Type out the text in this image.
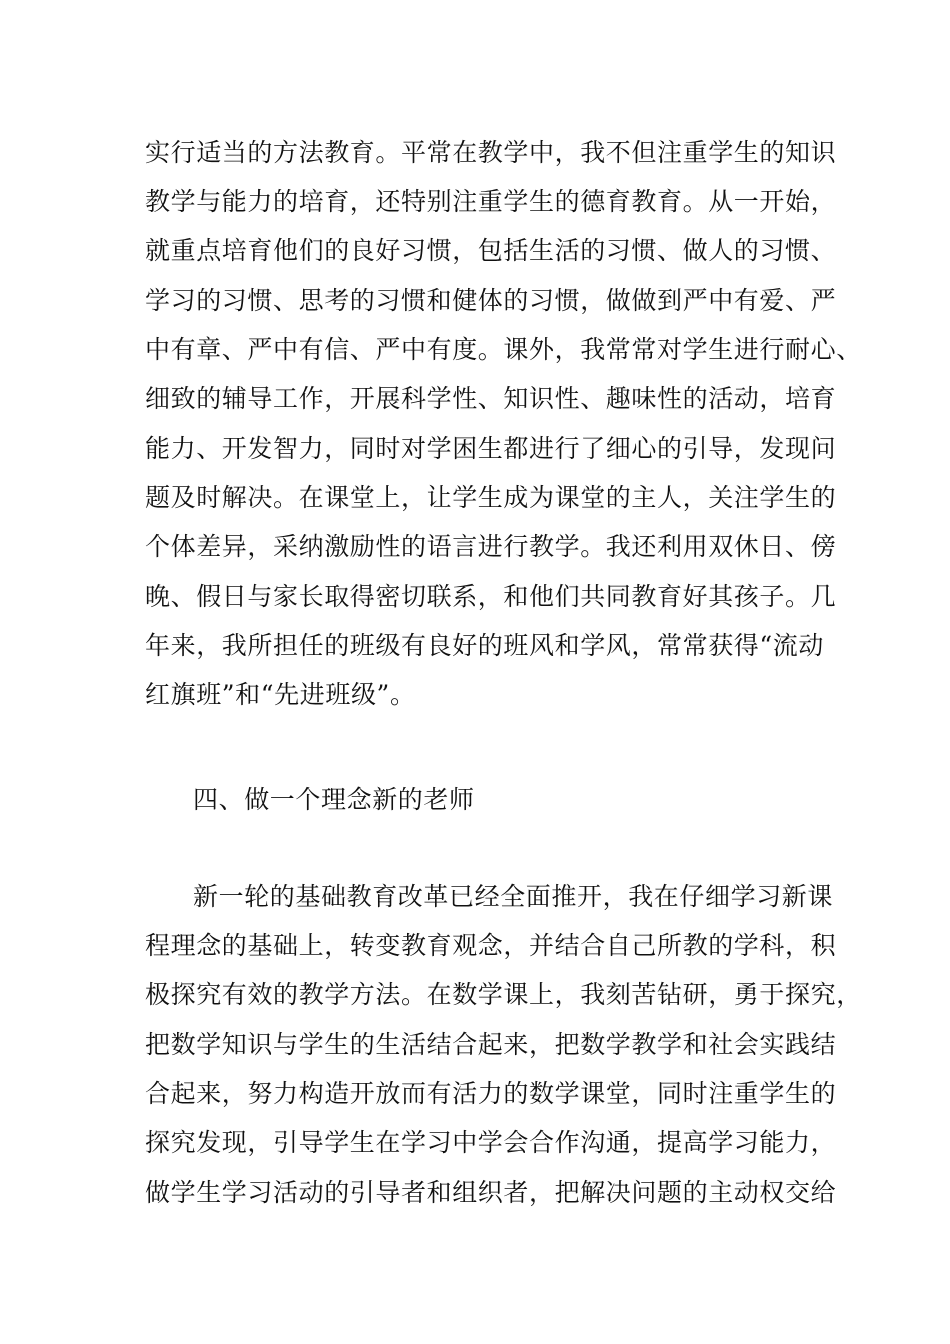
实行适当的方法教育。平常在教学中，我不但注重学生的知识
教学与能力的培育，还特别注重学生的德育教育。从一开始，
就重点培育他们的良好习惯，包括生活的习惯、做人的习惯、
学习的习惯、思考的习惯和健体的习惯，做做到严中有爱、严
中有章、严中有信、严中有度。课外，我常常对学生进行耐心、
细致的辅导工作，开展科学性、知识性、趣味性的活动，培育
能力、开发智力，同时对学困生都进行了细心的引导，发现问
题及时解决。在课堂上，让学生成为课堂的主人，关注学生的
个体差异，采纳激励性的语言进行教学。我还利用双休日、傍
晚、假日与家长取得密切联系，和他们共同教育好其孩子。几
年来，我所担任的班级有良好的班风和学风，常常获得“流动
红旗班”和“先进班级”。
四、做一个理念新的老师
新一轮的基础教育改革已经全面推开，我在仔细学习新课
程理念的基础上，转变教育观念，并结合自己所教的学科，积
极探究有效的教学方法。在数学课上，我刻苦钻研，勇于探究，
把数学知识与学生的生活结合起来，把数学教学和社会实践结
合起来，努力构造开放而有活力的数学课堂，同时注重学生的
探究发现，引导学生在学习中学会合作沟通，提高学习能力，
做学生学习活动的引导者和组织者，把解决问题的主动权交给
